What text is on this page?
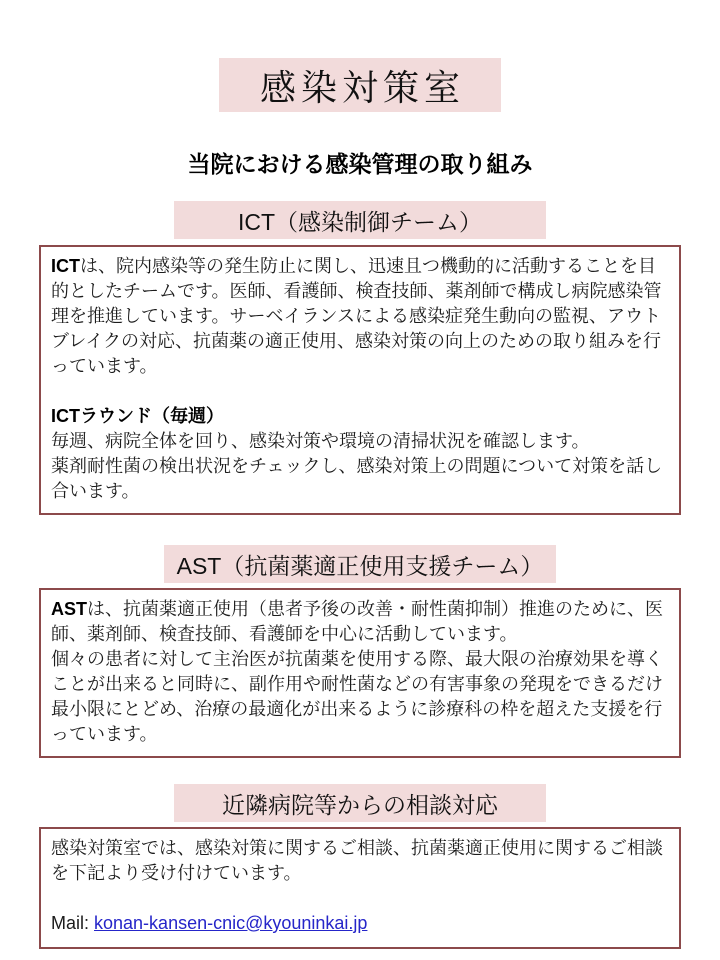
感染対策室
当院における感染管理の取り組み
ICT（感染制御チーム）
ICTは、院内感染等の発生防止に関し、迅速且つ機動的に活動することを目的としたチームです。医師、看護師、検査技師、薬剤師で構成し病院感染管理を推進しています。サーベイランスによる感染症発生動向の監視、アウトブレイクの対応、抗菌薬の適正使用、感染対策の向上のための取り組みを行っています。
ICTラウンド（毎週）
毎週、病院全体を回り、感染対策や環境の清掃状況を確認します。
薬剤耐性菌の検出状況をチェックし、感染対策上の問題について対策を話し合います。
AST（抗菌薬適正使用支援チーム）
ASTは、抗菌薬適正使用（患者予後の改善・耐性菌抑制）推進のために、医師、薬剤師、検査技師、看護師を中心に活動しています。
個々の患者に対して主治医が抗菌薬を使用する際、最大限の治療効果を導くことが出来ると同時に、副作用や耐性菌などの有害事象の発現をできるだけ最小限にとどめ、治療の最適化が出来るように診療科の枠を超えた支援を行っています。
近隣病院等からの相談対応
感染対策室では、感染対策に関するご相談、抗菌薬適正使用に関するご相談を下記より受け付けています。
Mail: konan-kansen-cnic@kyouninkai.jp
